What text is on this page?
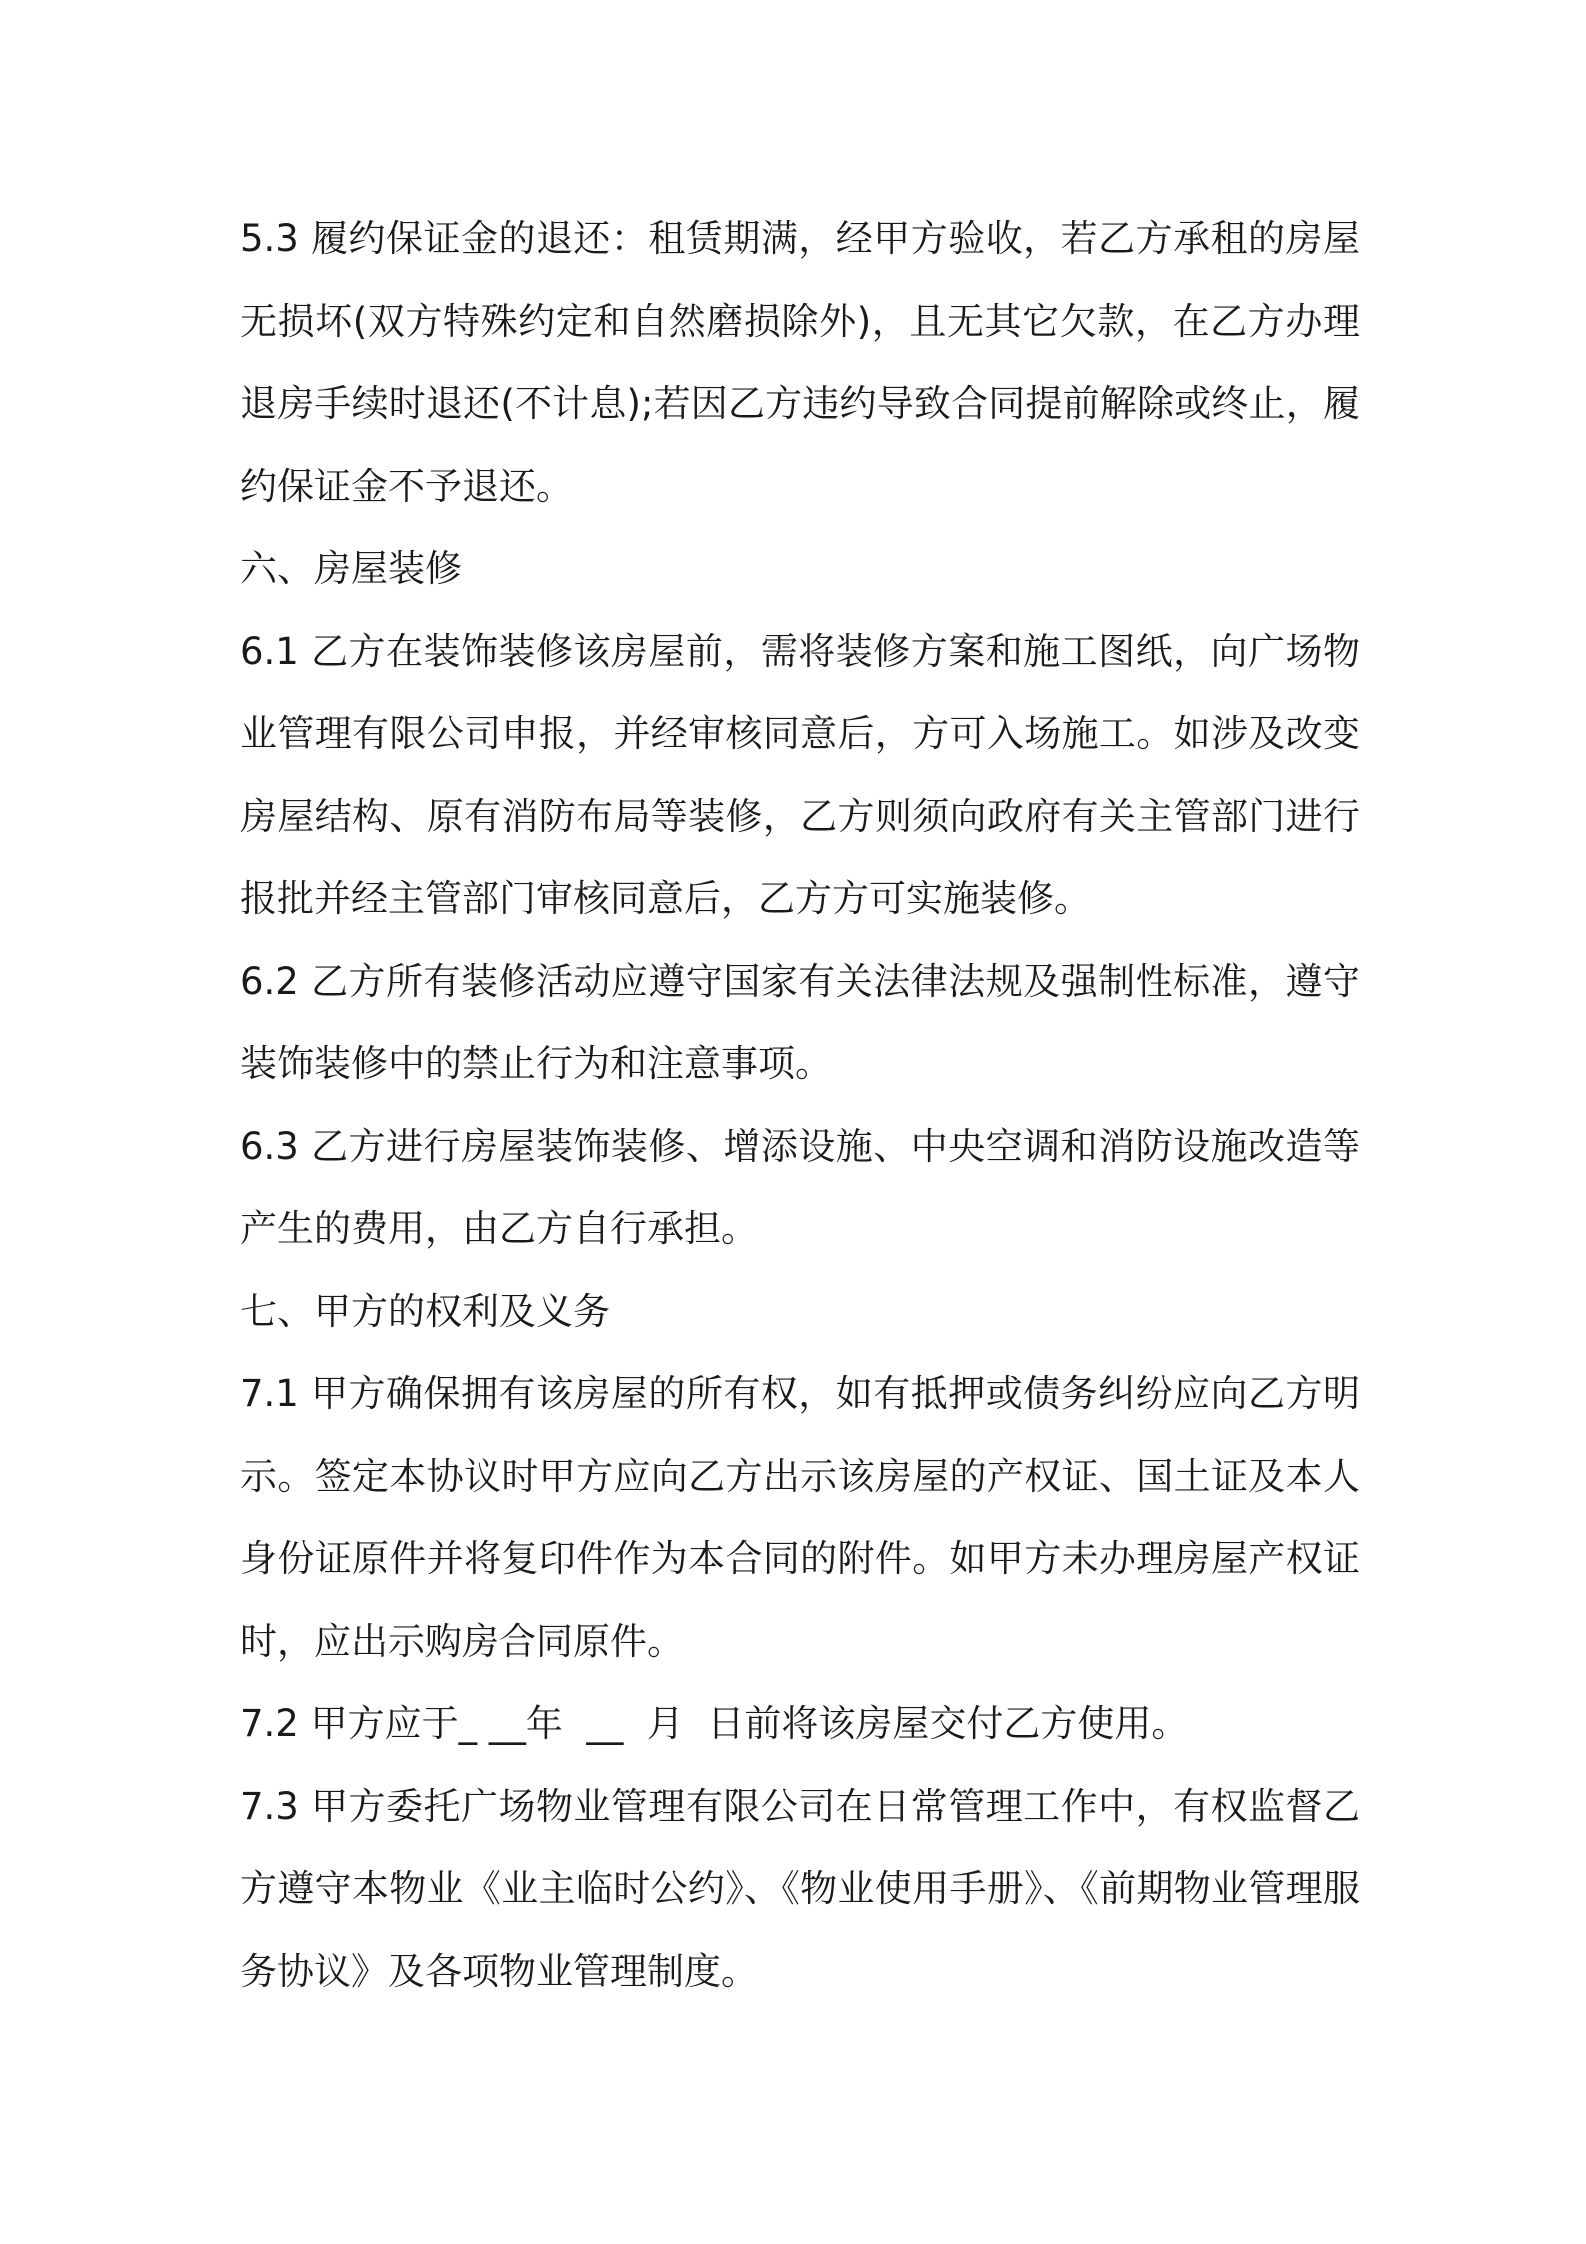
5.3 履约保证金的退还：租赁期满，经甲方验收，若乙方承租的房屋无损坏(双方特殊约定和自然磨损除外)，且无其它欠款，在乙方办理退房手续时退还(不计息);若因乙方违约导致合同提前解除或终止，履约保证金不予退还。

六、房屋装修

6.1 乙方在装饰装修该房屋前，需将装修方案和施工图纸，向广场物业管理有限公司申报，并经审核同意后，方可入场施工。如涉及改变房屋结构、原有消防布局等装修，乙方则须向政府有关主管部门进行报批并经主管部门审核同意后，乙方方可实施装修。

6.2 乙方所有装修活动应遵守国家有关法律法规及强制性标准，遵守装饰装修中的禁止行为和注意事项。

6.3 乙方进行房屋装饰装修、增添设施、中央空调和消防设施改造等产生的费用，由乙方自行承担。

七、甲方的权利及义务

7.1 甲方确保拥有该房屋的所有权，如有抵押或债务纠纷应向乙方明示。签定本协议时甲方应向乙方出示该房屋的产权证、国土证及本人身份证原件并将复印件作为本合同的附件。如甲方未办理房屋产权证时，应出示购房合同原件。

7.2 甲方应于_ __年  __  月  日前将该房屋交付乙方使用。

7.3 甲方委托广场物业管理有限公司在日常管理工作中，有权监督乙方遵守本物业《业主临时公约》、《物业使用手册》、《前期物业管理服务协议》及各项物业管理制度。
